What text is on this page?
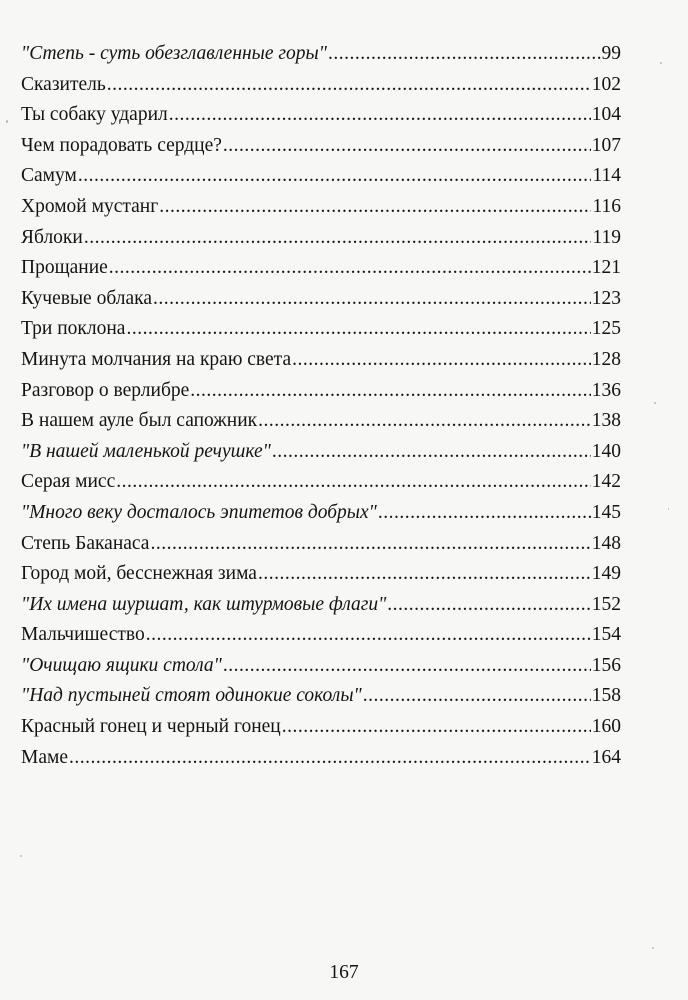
"Степь - суть обезглавленные горы" .....	99
Сказитель .....	102
Ты собаку ударил .....	104
Чем порадовать сердце? .....	107
Самум .....	114
Хромой мустанг .....	116
Яблоки .....	119
Прощание .....	121
Кучевые облака .....	123
Три поклона .....	125
Минута молчания на краю света .....	128
Разговор о верлибре .....	136
В нашем ауле был сапожник .....	138
"В нашей маленькой речушке" .....	140
Серая мисс .....	142
"Много веку досталось эпитетов добрых" .....	145
Степь Баканаса .....	148
Город мой, бесснежная зима .....	149
"Их имена шуршат, как штурмовые флаги" .....	152
Мальчишество .....	154
"Очищаю ящики стола" .....	156
"Над пустыней стоят одинокие соколы" .....	158
Красный гонец и черный гонец .....	160
Маме .....	164
167
